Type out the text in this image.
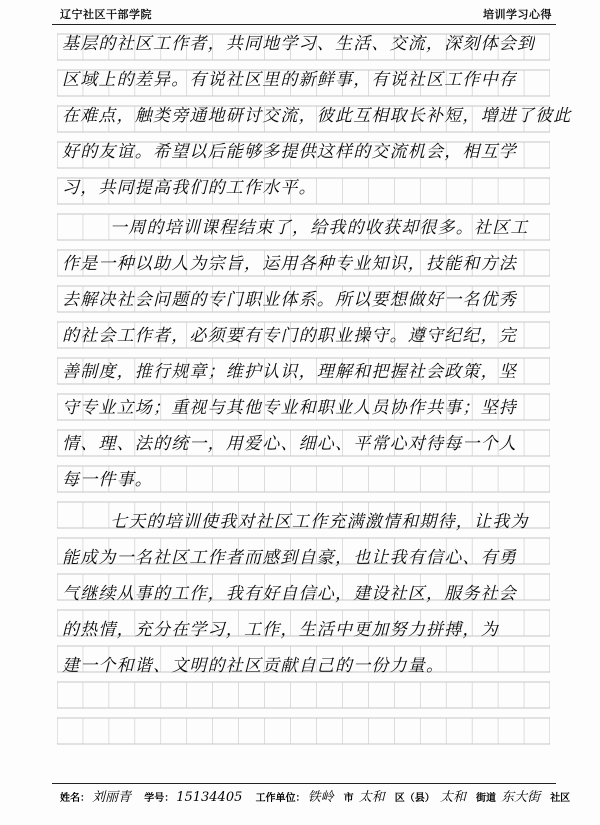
辽宁社区干部学院	培训学习心得
基层的社区工作者，共同地学习、生活、交流，深刻体会到
区域上的差异。有说社区里的新鲜事，有说社区工作中存
在难点，触类旁通地研讨交流，彼此互相取长补短，增进了彼此
好的友谊。希望以后能够多提供这样的交流机会，相互学
习，共同提高我们的工作水平。
一周的培训课程结束了，给我的收获却很多。社区工
作是一种以助人为宗旨，运用各种专业知识，技能和方法
去解决社会问题的专门职业体系。所以要想做好一名优秀
的社会工作者，必须要有专门的职业操守。遵守纪纪，完
善制度，推行规章；维护认识，理解和把握社会政策，坚
守专业立场；重视与其他专业和职业人员协作共事；坚持
情、理、法的统一，用爱心、细心、平常心对待每一个人
每一件事。
七天的培训使我对社区工作充满激情和期待，让我为
能成为一名社区工作者而感到自豪，也让我有信心、有勇
气继续从事的工作，我有好自信心，建设社区，服务社会
的热情，充分在学习，工作，生活中更加努力拼搏，为
建一个和谐、文明的社区贡献自己的一份力量。
姓名： 刘丽青 学号： 15134405 工作单位： 铁岭 市 太和 区（县） 太和 街道 东大街 社区
